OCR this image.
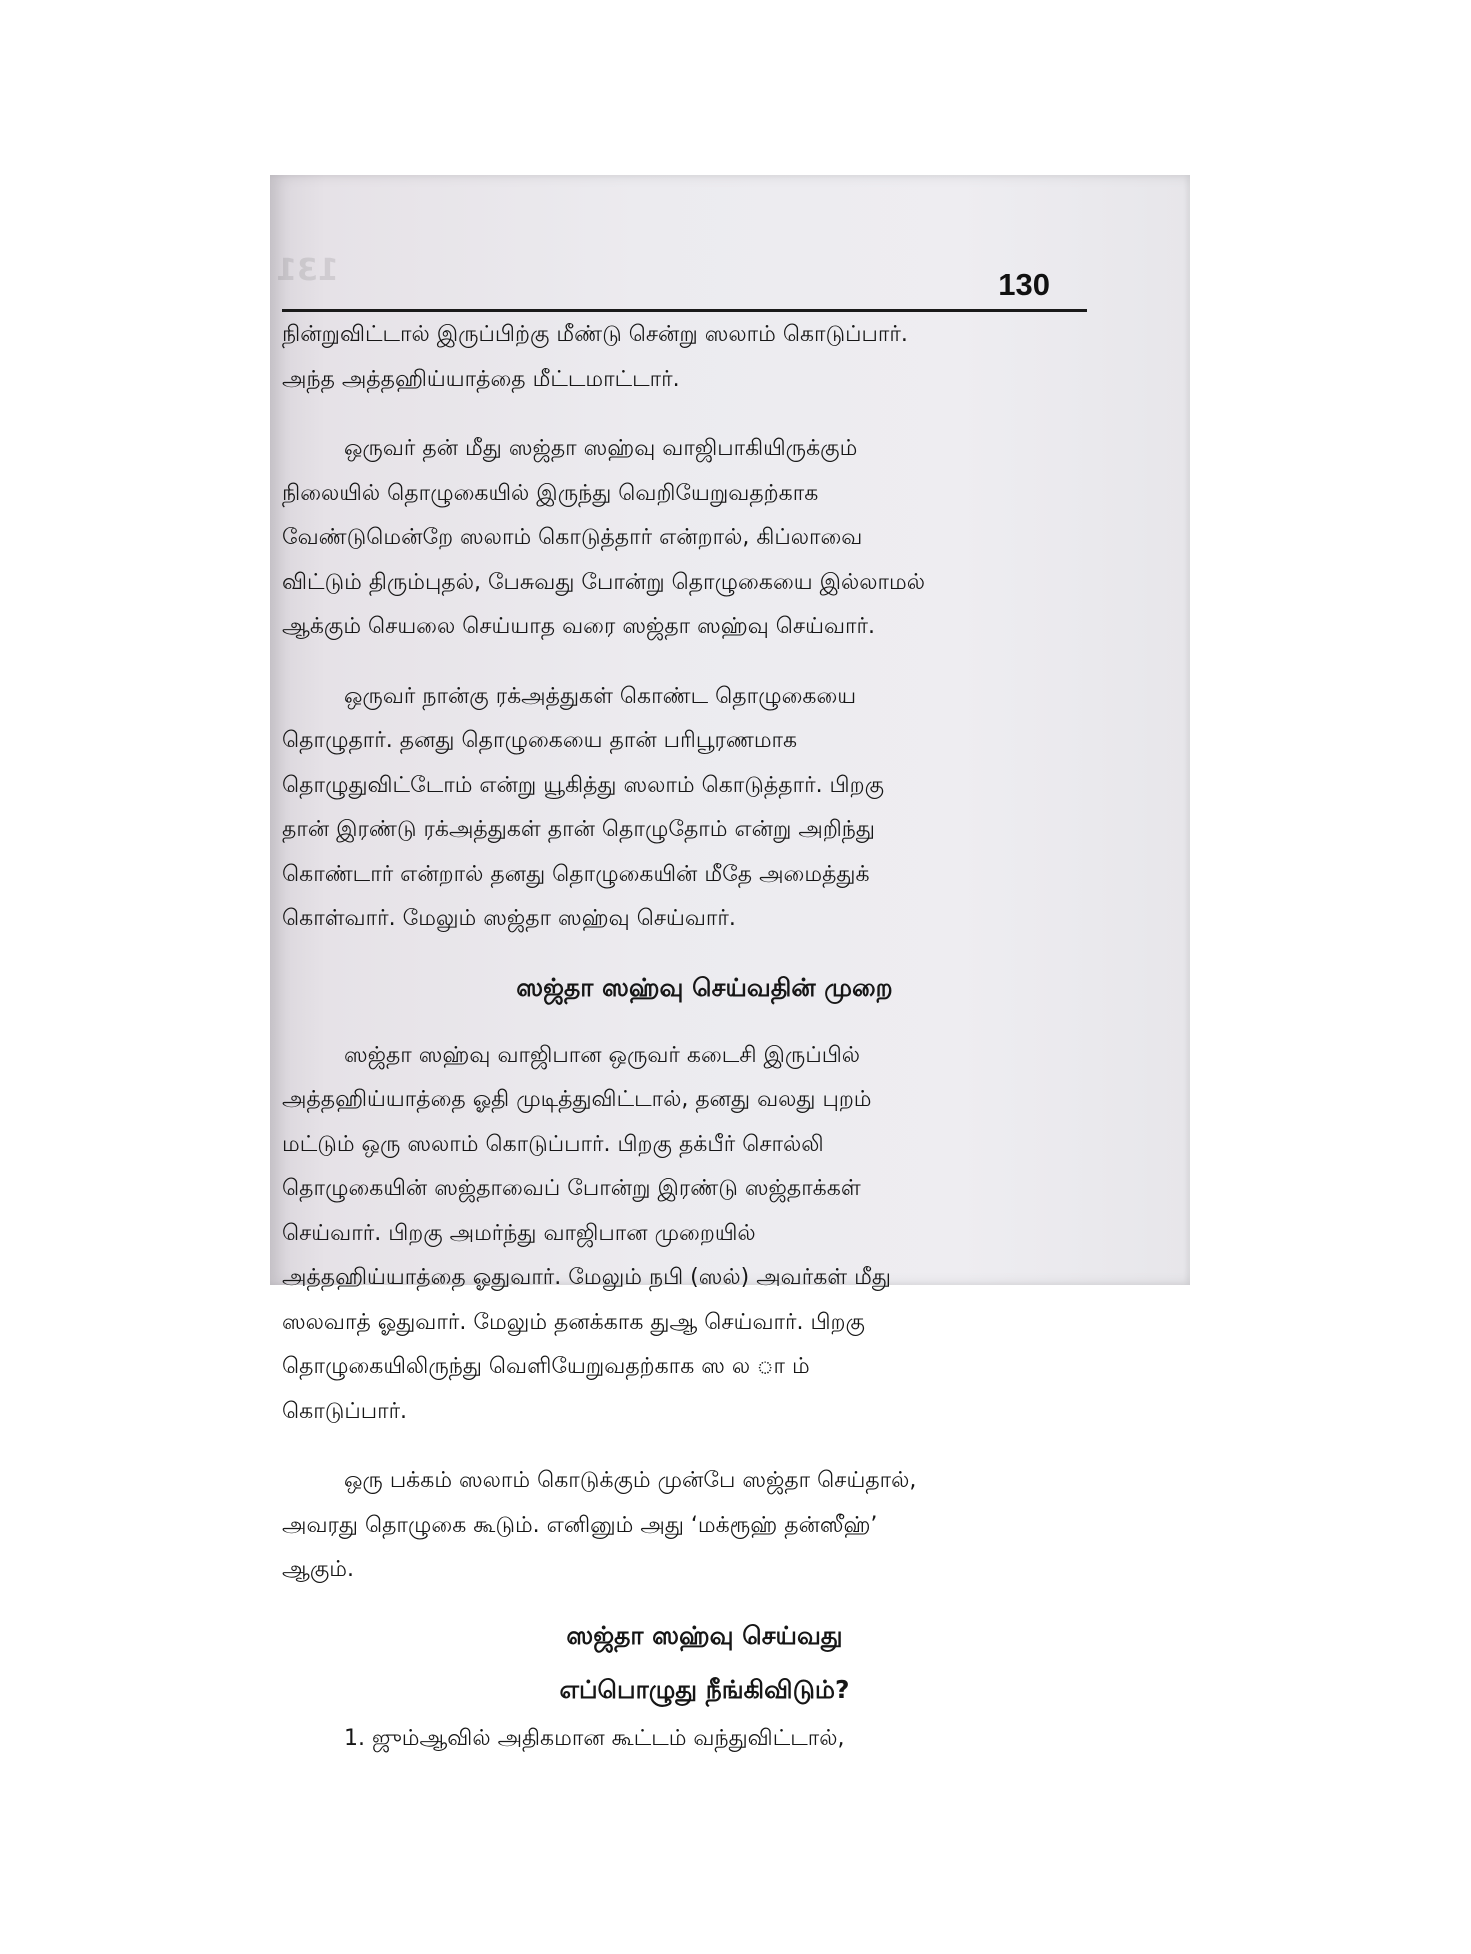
131	130
நின்றுவிட்டால் இருப்பிற்கு மீண்டு சென்று ஸலாம் கொடுப்பார்.
அந்த அத்தஹிய்யாத்தை மீட்டமாட்டார்.
ஒருவர் தன் மீது ஸஜ்தா ஸஹ்வு வாஜிபாகியிருக்கும்
நிலையில் தொழுகையில் இருந்து வெறியேறுவதற்காக
வேண்டுமென்றே ஸலாம் கொடுத்தார் என்றால், கிப்லாவை
விட்டும் திரும்புதல், பேசுவது போன்று தொழுகையை இல்லாமல்
ஆக்கும் செயலை செய்யாத வரை ஸஜ்தா ஸஹ்வு செய்வார்.
ஒருவர் நான்கு ரக்அத்துகள் கொண்ட தொழுகையை
தொழுதார். தனது தொழுகையை தான் பரிபூரணமாக
தொழுதுவிட்டோம் என்று யூகித்து ஸலாம் கொடுத்தார். பிறகு
தான் இரண்டு ரக்அத்துகள் தான் தொழுதோம் என்று அறிந்து
கொண்டார் என்றால் தனது தொழுகையின் மீதே அமைத்துக்
கொள்வார். மேலும் ஸஜ்தா ஸஹ்வு செய்வார்.
ஸஜ்தா ஸஹ்வு செய்வதின் முறை
ஸஜ்தா ஸஹ்வு வாஜிபான ஒருவர் கடைசி இருப்பில்
அத்தஹிய்யாத்தை ஓதி முடித்துவிட்டால், தனது வலது புறம்
மட்டும் ஒரு ஸலாம் கொடுப்பார். பிறகு தக்பீர் சொல்லி
தொழுகையின் ஸஜ்தாவைப் போன்று இரண்டு ஸஜ்தாக்கள்
செய்வார். பிறகு அமர்ந்து வாஜிபான முறையில்
அத்தஹிய்யாத்தை ஓதுவார். மேலும் நபி (ஸல்) அவர்கள் மீது
ஸலவாத் ஓதுவார். மேலும் தனக்காக துஆ செய்வார். பிறகு
தொழுகையிலிருந்து வெளியேறுவதற்காக ஸ ல ா ம்
கொடுப்பார்.
ஒரு பக்கம் ஸலாம் கொடுக்கும் முன்பே ஸஜ்தா செய்தால்,
அவரது தொழுகை கூடும். எனினும் அது ‘மக்ரூஹ் தன்ஸீஹ்’
ஆகும்.
ஸஜ்தா ஸஹ்வு செய்வது
எப்பொழுது நீங்கிவிடும்?
1. ஜும்ஆவில் அதிகமான கூட்டம் வந்துவிட்டால்,
